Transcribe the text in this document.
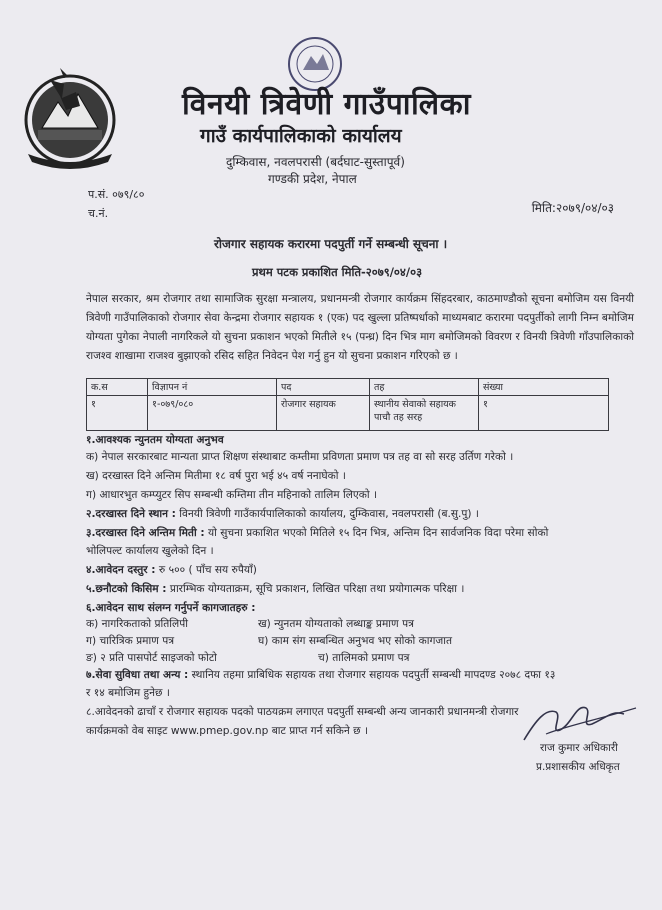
विनयी त्रिवेणी गाउँपालिका
गाउँ कार्यपालिकाको कार्यालय
दुम्किवास, नवलपरासी (बर्दघाट-सुस्तापूर्व)
गण्डकी प्रदेश, नेपाल
प.सं. ०७९/८०
च.नं.	मिति:२०७९/०४/०३
रोजगार सहायक करारमा पदपुर्ती गर्ने सम्बन्धी सूचना ।
प्रथम पटक प्रकाशित मिति-२०७९/०४/०३
नेपाल सरकार, श्रम रोजगार तथा सामाजिक सुरक्षा मन्त्रालय, प्रधानमन्त्री रोजगार कार्यक्रम सिंहदरबार, काठमाण्डौको सूचना बमोजिम यस विनयी त्रिवेणी गाउँपालिकाको रोजगार सेवा केन्द्रमा रोजगार सहायक १ (एक) पद खुल्ला प्रतिष्पर्धाको माध्यमबाट करारमा पदपुर्तीको लागी निम्न बमोजिम योग्यता पुगेका नेपाली नागरिकले यो सुचना प्रकाशन भएको मितीले १५ (पन्ध्र) दिन भित्र माग बमोजिमको विवरण र विनयी त्रिवेणी गाँउपालिकाको राजश्व शाखामा राजश्व बुझाएको रसिद सहित निवेदन पेश गर्नु हुन यो सुचना प्रकाशन गरिएको छ ।
क.स	विज्ञापन नं	पद	तह	संख्या
१	१-०७९/०८०	रोजगार सहायक	स्थानीय सेवाको सहायक पाचौ तह सरह	१
१.आवश्यक न्युनतम योग्यता अनुभव
क) नेपाल सरकारबाट मान्यता प्राप्त शिक्षण संस्थाबाट कम्तीमा प्रविणता प्रमाण पत्र तह वा सो सरह उर्तिण गरेको ।
ख) दरखास्त दिने अन्तिम मितीमा १८ वर्ष पुरा भई ४५ वर्ष ननाघेको ।
ग) आधारभुत कम्प्युटर सिप सम्बन्धी कम्तिमा तीन महिनाको तालिम लिएको ।
२.दरखास्त दिने स्थान : विनयी त्रिवेणी गाउँकार्यपालिकाको कार्यालय, दुम्किवास, नवलपरासी (ब.सु.पु) ।
३.दरखास्त दिने अन्तिम मिती : यो सुचना प्रकाशित भएको मितिले १५ दिन भित्र, अन्तिम दिन सार्वजनिक विदा परेमा सोको
भोलिपल्ट कार्यालय खुलेको दिन ।
४.आवेदन दस्तुर : रु ५०० ( पाँच सय रुपैयाँ)
५.छनौटको किसिम : प्रारम्भिक योग्यताक्रम, सूचि प्रकाशन, लिखित परिक्षा तथा प्रयोगात्मक परिक्षा ।
६.आवेदन साथ संलग्न गर्नुपर्ने कागजातहरु :
क) नागरिकताको प्रतिलिपी	ख) न्युनतम योग्यताको लब्धाङ्क प्रमाण पत्र
ग) चारित्रिक प्रमाण पत्र	घ) काम संग सम्बन्धित अनुभव भए सोको कागजात
ङ) २ प्रति पासपोर्ट साइजको फोटो	च) तालिमको प्रमाण पत्र
७.सेवा सुविधा तथा अन्य : स्थानिय तहमा प्राबिधिक सहायक तथा रोजगार सहायक पदपुर्ती सम्बन्धी मापदण्ड २०७८ दफा १३
र १४ बमोजिम हुनेछ ।
८.आवेदनको ढाचाँ र रोजगार सहायक पदको पाठयक्रम लगाएत पदपुर्ती सम्बन्धी अन्य जानकारी प्रधानमन्त्री रोजगार
कार्यक्रमको वेब साइट www.pmep.gov.np बाट प्राप्त गर्न सकिने छ ।
राज कुमार अधिकारी
प्र.प्रशासकीय अधिकृत
